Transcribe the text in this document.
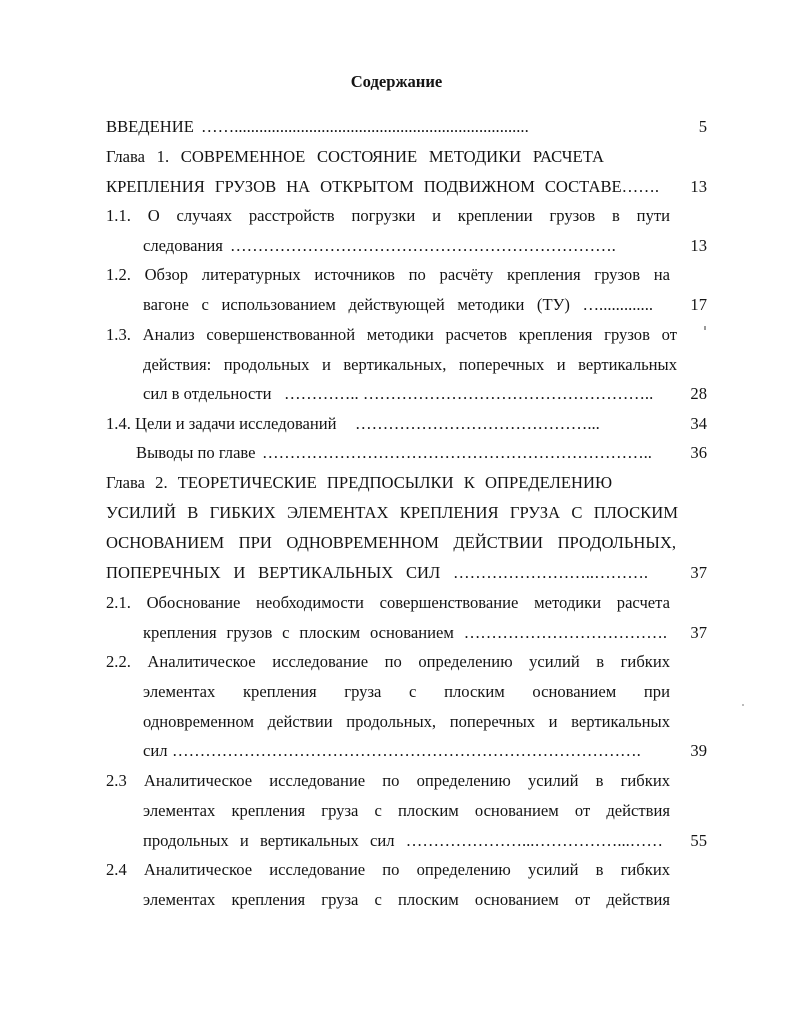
Содержание
ВВЕДЕНИЕ …….......................................................................	5
Глава 1. СОВРЕМЕННОЕ СОСТОЯНИЕ МЕТОДИКИ РАСЧЕТА
КРЕПЛЕНИЯ ГРУЗОВ НА ОТКРЫТОМ ПОДВИЖНОМ СОСТАВЕ…….	13
1.1. О случаях расстройств погрузки и креплении грузов в пути
следования …………………………………………………………….	13
1.2. Обзор литературных источников по расчёту крепления грузов на
вагоне с использованием действующей методики (ТУ) ….............	17
1.3. Анализ совершенствованной методики расчетов крепления грузов от
действия: продольных и вертикальных, поперечных и вертикальных
сил в отдельности ………….. ……………………………………………..	28
1.4. Цели и задачи исследований ……………………………………...	34
Выводы по главе ……………………………………………………………..	36
Глава 2. ТЕОРЕТИЧЕСКИЕ ПРЕДПОСЫЛКИ К ОПРЕДЕЛЕНИЮ
УСИЛИЙ В ГИБКИХ ЭЛЕМЕНТАХ КРЕПЛЕНИЯ ГРУЗА С ПЛОСКИМ
ОСНОВАНИЕМ ПРИ ОДНОВРЕМЕННОМ ДЕЙСТВИИ ПРОДОЛЬНЫХ,
ПОПЕРЕЧНЫХ И ВЕРТИКАЛЬНЫХ СИЛ ……………………..……….	37
2.1. Обоснование необходимости совершенствование методики расчета
крепления грузов с плоским основанием ……………………………….	37
2.2. Аналитическое исследование по определению усилий в гибких
элементах крепления груза с плоским основанием при
одновременном действии продольных, поперечных и вертикальных
сил ………………………………………………………………………….	39
2.3 Аналитическое исследование по определению усилий в гибких
элементах крепления груза с плоским основанием от действия
продольных и вертикальных сил …………………...……………...……	55
2.4 Аналитическое исследование по определению усилий в гибких
элементах крепления груза с плоским основанием от действия
